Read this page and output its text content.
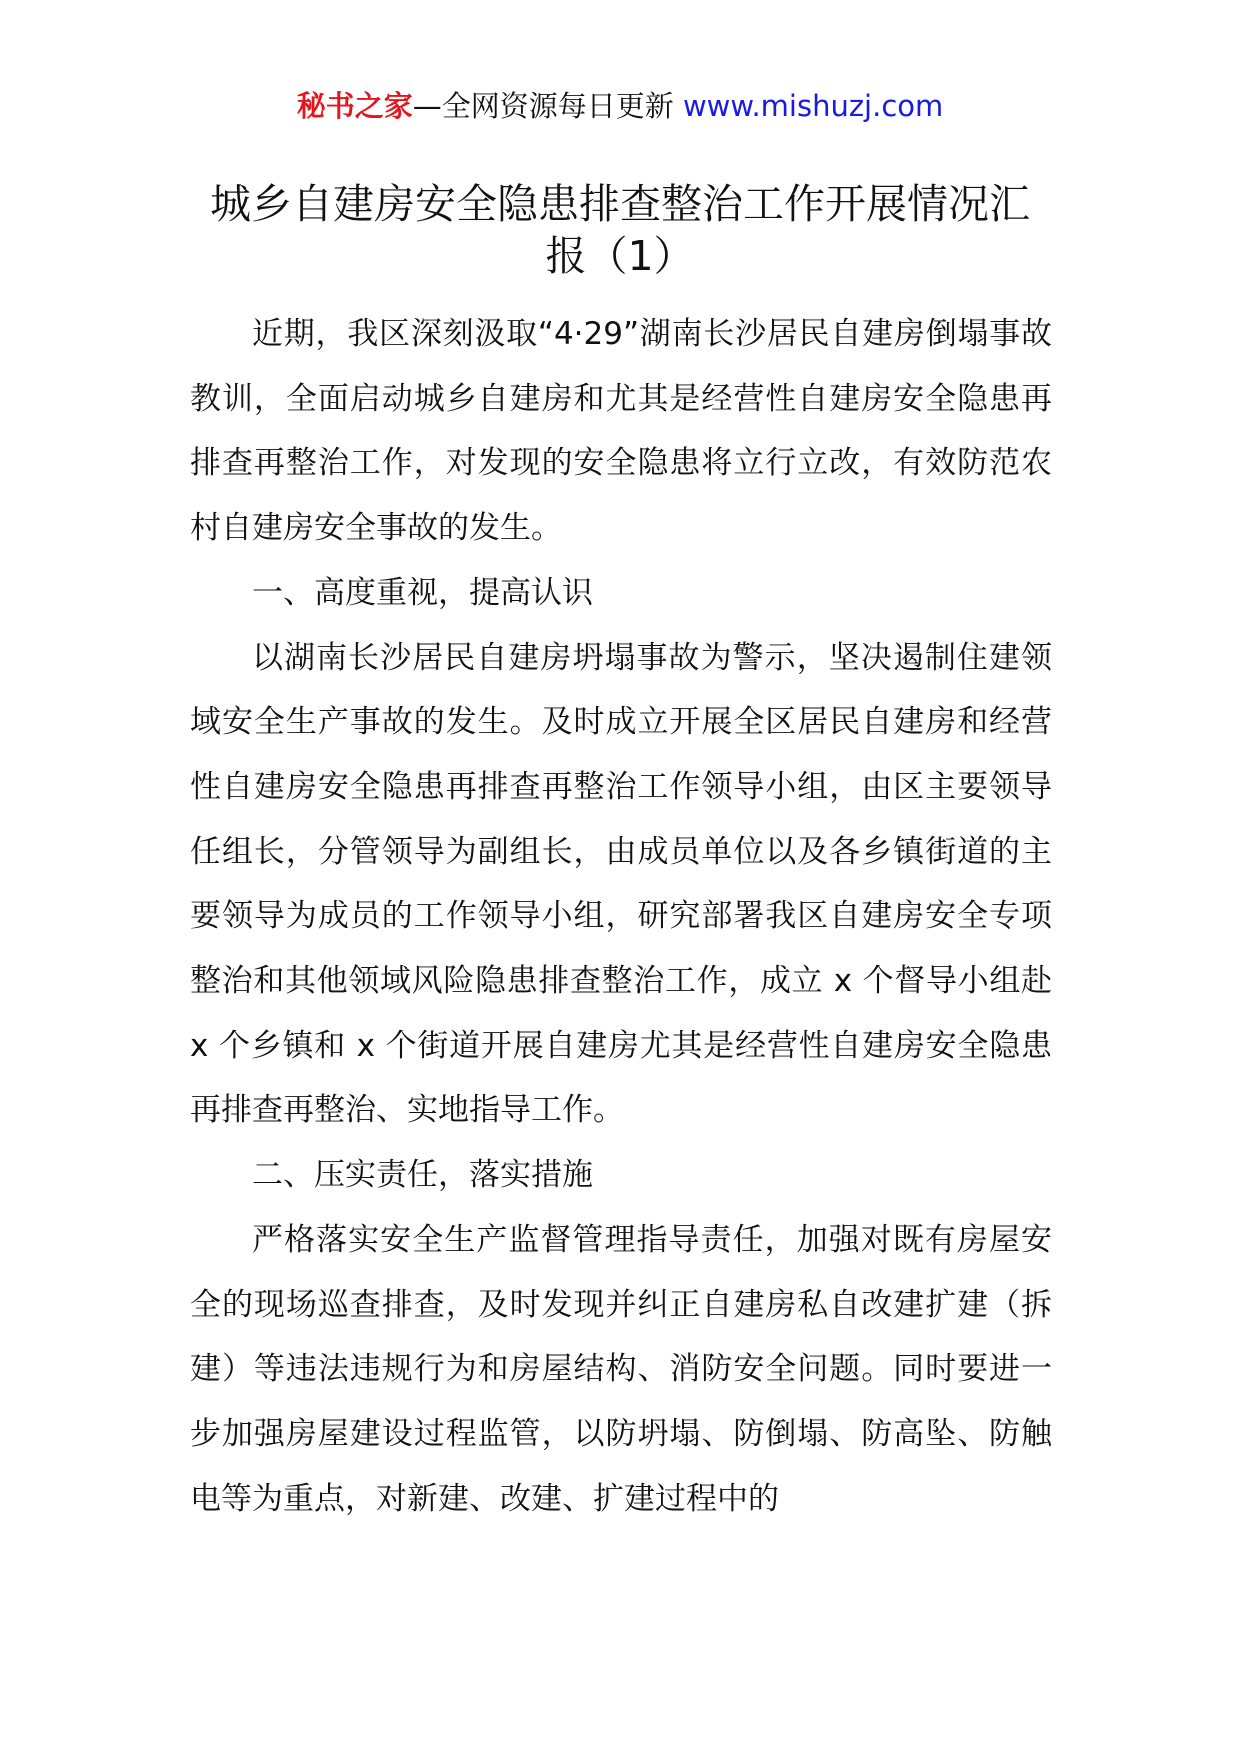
秘书之家—全网资源每日更新 www.mishuzj.com
城乡自建房安全隐患排查整治工作开展情况汇报（1）

近期，我区深刻汲取“4·29”湖南长沙居民自建房倒塌事故教训，全面启动城乡自建房和尤其是经营性自建房安全隐患再排查再整治工作，对发现的安全隐患将立行立改，有效防范农村自建房安全事故的发生。

一、高度重视，提高认识

以湖南长沙居民自建房坍塌事故为警示，坚决遏制住建领域安全生产事故的发生。及时成立开展全区居民自建房和经营性自建房安全隐患再排查再整治工作领导小组，由区主要领导任组长，分管领导为副组长，由成员单位以及各乡镇街道的主要领导为成员的工作领导小组，研究部署我区自建房安全专项整治和其他领域风险隐患排查整治工作，成立 x 个督导小组赴 x 个乡镇和 x 个街道开展自建房尤其是经营性自建房安全隐患再排查再整治、实地指导工作。

二、压实责任，落实措施

严格落实安全生产监督管理指导责任，加强对既有房屋安全的现场巡查排查，及时发现并纠正自建房私自改建扩建（拆建）等违法违规行为和房屋结构、消防安全问题。同时要进一步加强房屋建设过程监管，以防坍塌、防倒塌、防高坠、防触电等为重点，对新建、改建、扩建过程中的
